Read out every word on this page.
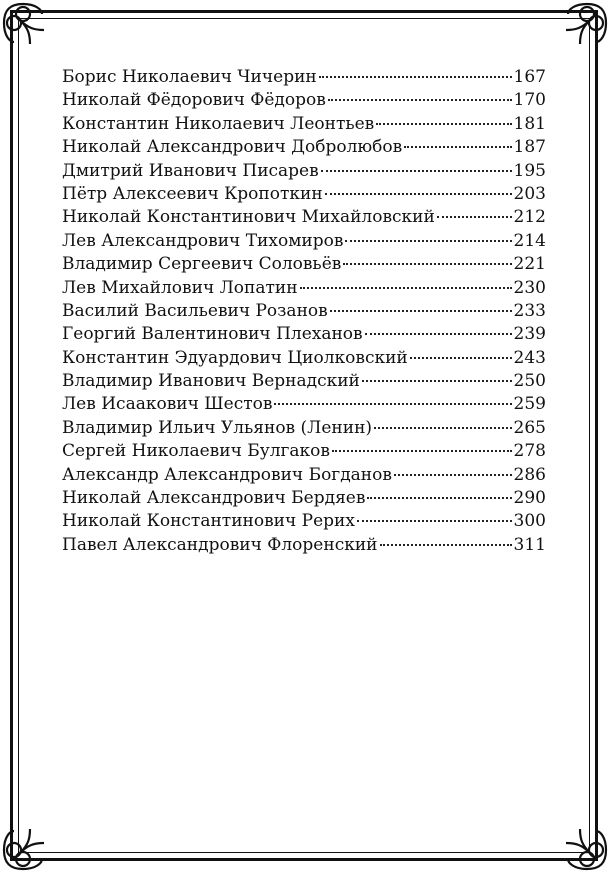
Борис Николаевич Чичерин	167
Николай Фёдорович Фёдоров	170
Константин Николаевич Леонтьев	181
Николай Александрович Добролюбов	187
Дмитрий Иванович Писарев	195
Пётр Алексеевич Кропоткин	203
Николай Константинович Михайловский	212
Лев Александрович Тихомиров	214
Владимир Сергеевич Соловьёв	221
Лев Михайлович Лопатин	230
Василий Васильевич Розанов	233
Георгий Валентинович Плеханов	239
Константин Эдуардович Циолковский	243
Владимир Иванович Вернадский	250
Лев Исаакович Шестов	259
Владимир Ильич Ульянов (Ленин)	265
Сергей Николаевич Булгаков	278
Александр Александрович Богданов	286
Николай Александрович Бердяев	290
Николай Константинович Рерих	300
Павел Александрович Флоренский	311
